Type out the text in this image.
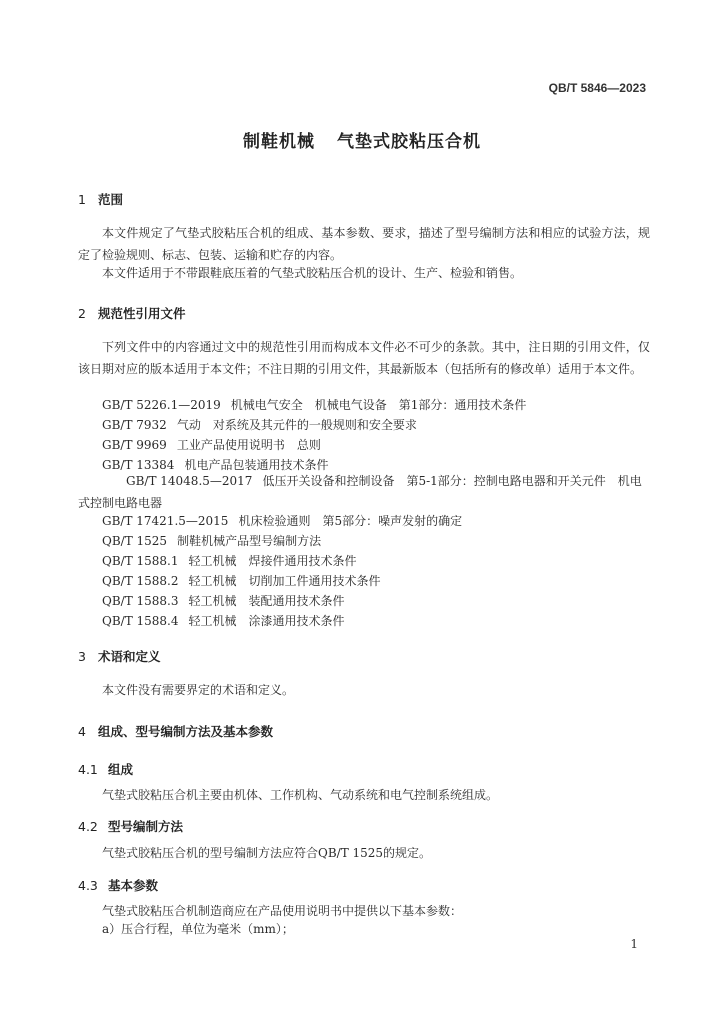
QB/T 5846—2023
制鞋机械 气垫式胶粘压合机
1 范围
本文件规定了气垫式胶粘压合机的组成、基本参数、要求，描述了型号编制方法和相应的试验方法，规定了检验规则、标志、包装、运输和贮存的内容。
本文件适用于不带跟鞋底压着的气垫式胶粘压合机的设计、生产、检验和销售。
2 规范性引用文件
下列文件中的内容通过文中的规范性引用而构成本文件必不可少的条款。其中，注日期的引用文件，仅该日期对应的版本适用于本文件；不注日期的引用文件，其最新版本（包括所有的修改单）适用于本文件。
GB/T 5226.1—2019 机械电气安全　机械电气设备　第1部分：通用技术条件
GB/T 7932 气动　对系统及其元件的一般规则和安全要求
GB/T 9969 工业产品使用说明书　总则
GB/T 13384 机电产品包装通用技术条件
GB/T 14048.5—2017 低压开关设备和控制设备　第5-1部分：控制电路电器和开关元件　机电式控制电路电器
GB/T 17421.5—2015 机床检验通则　第5部分：噪声发射的确定
QB/T 1525 制鞋机械产品型号编制方法
QB/T 1588.1 轻工机械　焊接件通用技术条件
QB/T 1588.2 轻工机械　切削加工件通用技术条件
QB/T 1588.3 轻工机械　装配通用技术条件
QB/T 1588.4 轻工机械　涂漆通用技术条件
3 术语和定义
本文件没有需要界定的术语和定义。
4 组成、型号编制方法及基本参数
4.1 组成
气垫式胶粘压合机主要由机体、工作机构、气动系统和电气控制系统组成。
4.2 型号编制方法
气垫式胶粘压合机的型号编制方法应符合QB/T 1525的规定。
4.3 基本参数
气垫式胶粘压合机制造商应在产品使用说明书中提供以下基本参数：
a）压合行程，单位为毫米（mm）；
1
